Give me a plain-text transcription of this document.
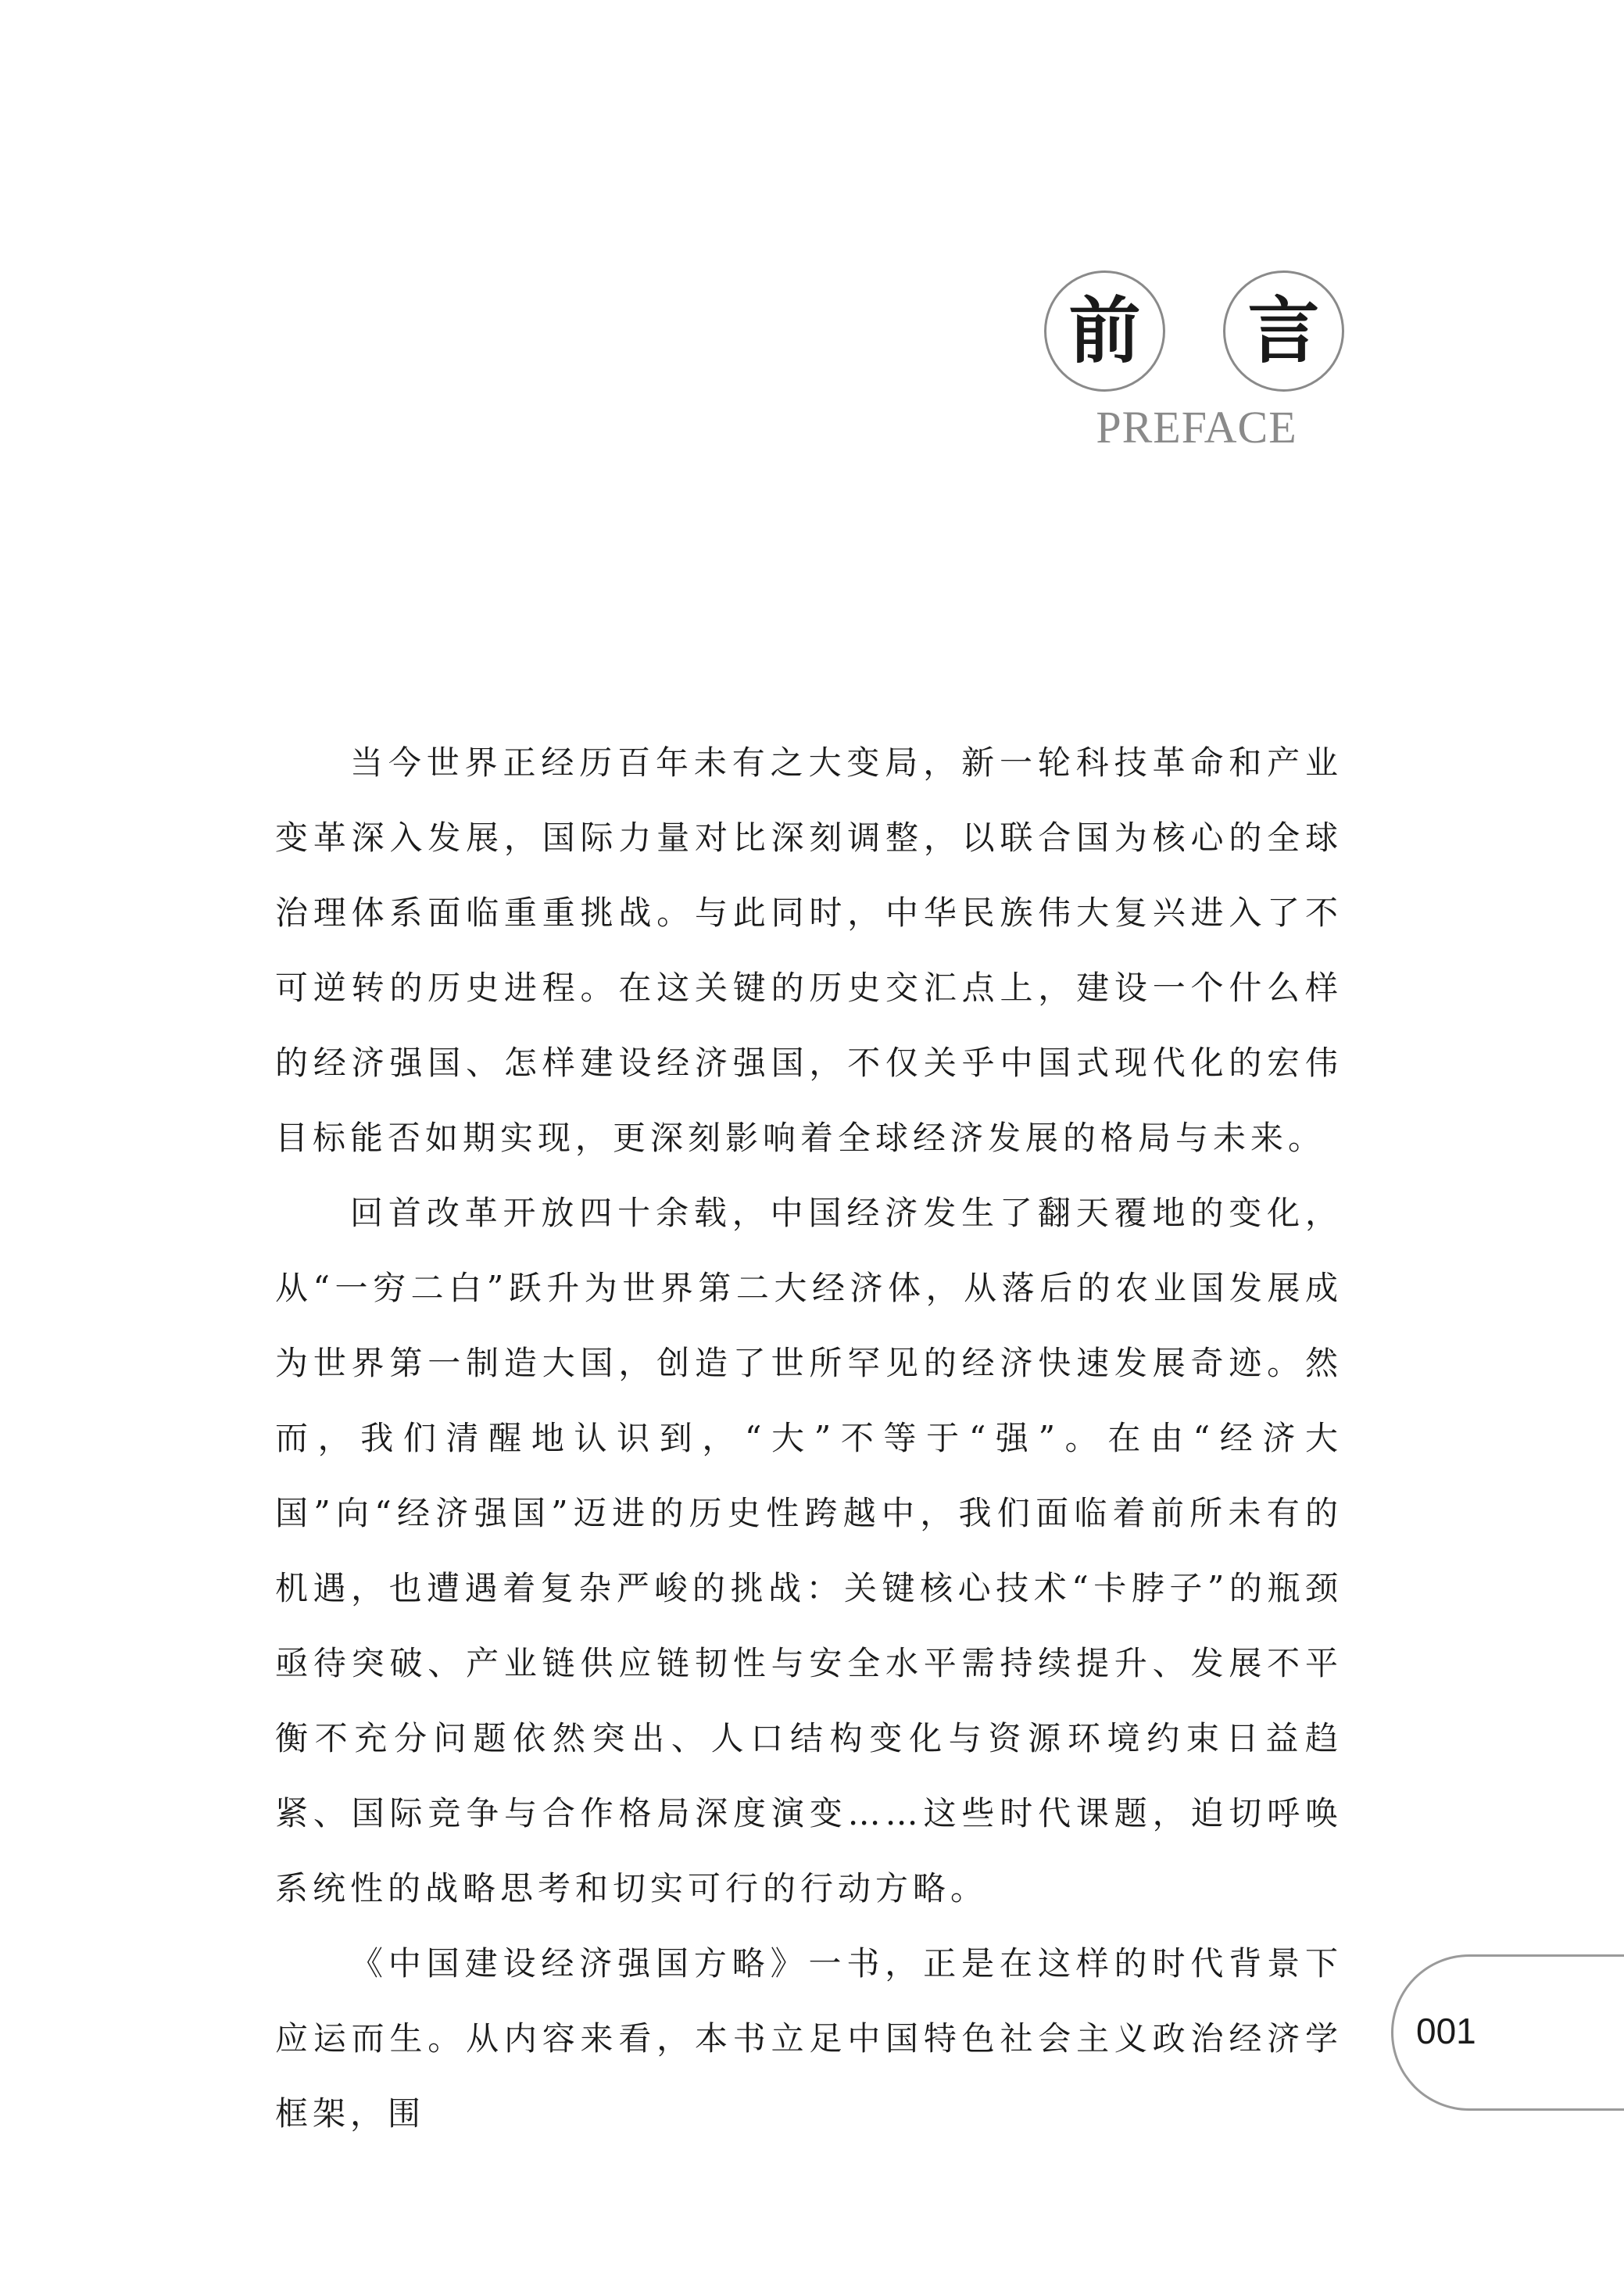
前	言
PREFACE

当今世界正经历百年未有之大变局，新一轮科技革命和产业变革深入发展，国际力量对比深刻调整，以联合国为核心的全球治理体系面临重重挑战。与此同时，中华民族伟大复兴进入了不可逆转的历史进程。在这关键的历史交汇点上，建设一个什么样的经济强国、怎样建设经济强国，不仅关乎中国式现代化的宏伟目标能否如期实现，更深刻影响着全球经济发展的格局与未来。

回首改革开放四十余载，中国经济发生了翻天覆地的变化，从“一穷二白”跃升为世界第二大经济体，从落后的农业国发展成为世界第一制造大国，创造了世所罕见的经济快速发展奇迹。然而，我们清醒地认识到，“大”不等于“强”。在由“经济大国”向“经济强国”迈进的历史性跨越中，我们面临着前所未有的机遇，也遭遇着复杂严峻的挑战：关键核心技术“卡脖子”的瓶颈亟待突破、产业链供应链韧性与安全水平需持续提升、发展不平衡不充分问题依然突出、人口结构变化与资源环境约束日益趋紧、国际竞争与合作格局深度演变……这些时代课题，迫切呼唤系统性的战略思考和切实可行的行动方略。

《中国建设经济强国方略》一书，正是在这样的时代背景下应运而生。从内容来看，本书立足中国特色社会主义政治经济学框架，围

001
